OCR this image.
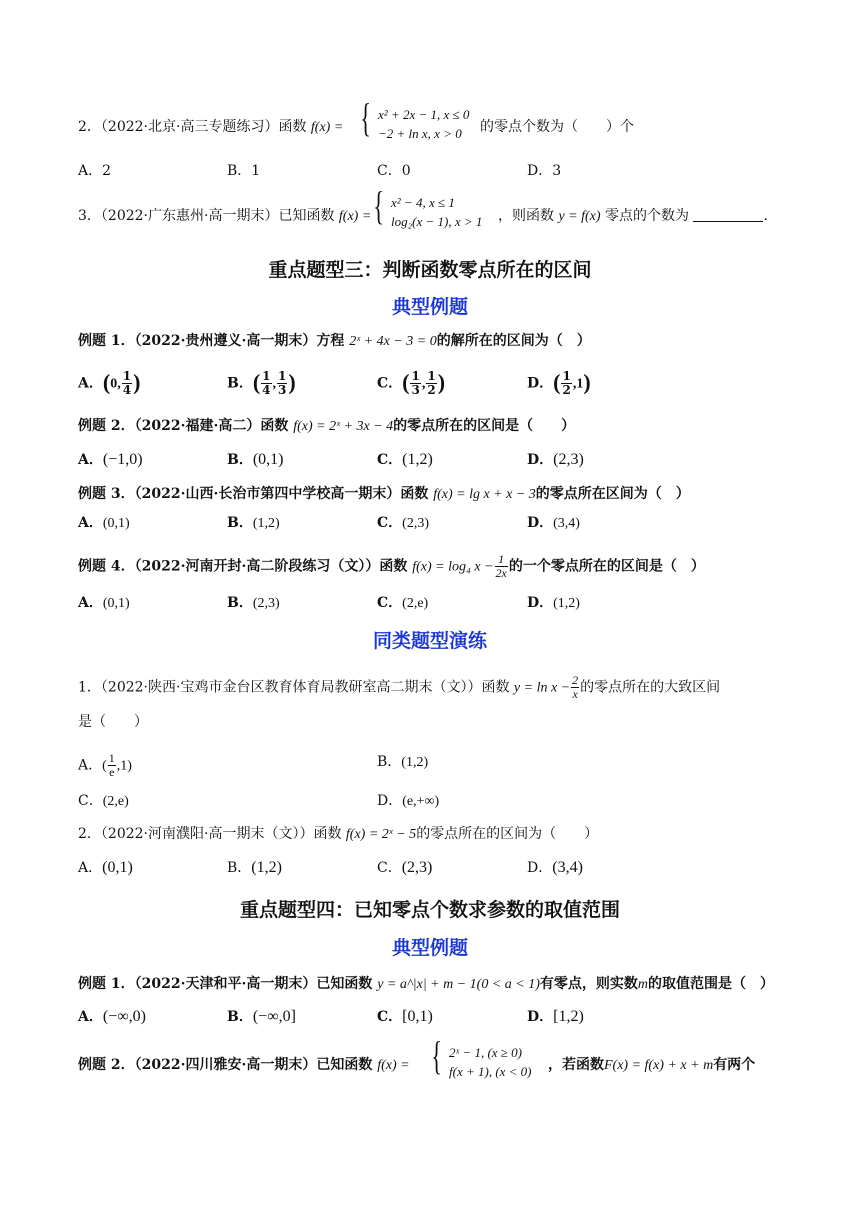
2．（2022·北京·高三专题练习）函数 f(x) = { x² + 2x − 1, x ≤ 0
−2 + ln x, x > 0	的零点个数为（　　）个
A．2	B．1	C．0	D．3
3．（2022·广东惠州·高一期末）已知函数 f(x) = { x² − 4, x ≤ 1
log₂(x − 1), x > 1 ，则函数 y = f(x) 零点的个数为	.
重点题型三：判断函数零点所在的区间
典型例题
例题 1．（2022·贵州遵义·高一期末）方程 2ˣ + 4x − 3 = 0的解所在的区间为（　）
A．(0, $\frac{1}{4}$ )	B．( $\frac{1}{4}$ , $\frac{1}{3}$ )	C．( $\frac{1}{3}$ , $\frac{1}{2}$ )	D．( $\frac{1}{2} ,1$)
例题 2．（2022·福建·高二）函数 f(x) = 2ˣ + 3x − 4的零点所在的区间是（　　）
A．(−1,0)	B．(0,1)	C．(1,2)	D．(2,3)
例题 3．（2022·山西·长治市第四中学校高一期末）函数 f(x) = lg x + x − 3的零点所在区间为（　）
A．(0,1)	B．(1,2)	C．(2,3)	D．(3,4)
例题 4．（2022·河南开封·高二阶段练习（文））函数 f(x) = log₄ $x - \frac{1}{2x}$ 的一个零点所在的区间是（　）
A．(0,1)	B．(2,3)	C．(2,e)	D．(1,2)
同类题型演练
1．（2022·陕西·宝鸡市金台区教育体育局教研室高二期末（文））函数 $y = \ln x - \frac{2}{x}$ 的零点所在的大致区间
是（　　）
A．( $\frac{1}{e} ,1$)	B．(1,2)
C．(2,e)	D．(e,+∞)
2．（2022·河南濮阳·高一期末（文））函数 f(x) = 2ˣ − 5的零点所在的区间为（　　）
A．(0,1)	B．(1,2)	C．(2,3)	D．(3,4)
重点题型四：已知零点个数求参数的取值范围
典型例题
例题 1．（2022·天津和平·高一期末）已知函数 y = a^|x| + m − 1(0 < a < 1)有零点，则实数m的取值范围是（　）
A．(−∞,0)	B．(−∞,0]	C．[0,1)	D．[1,2)
例题 2．（2022·四川雅安·高一期末）已知函数 f(x) = { 2ˣ − 1, (x ≥ 0)
f(x + 1), (x < 0) ，若函数F(x) = f(x) + x + m有两个
